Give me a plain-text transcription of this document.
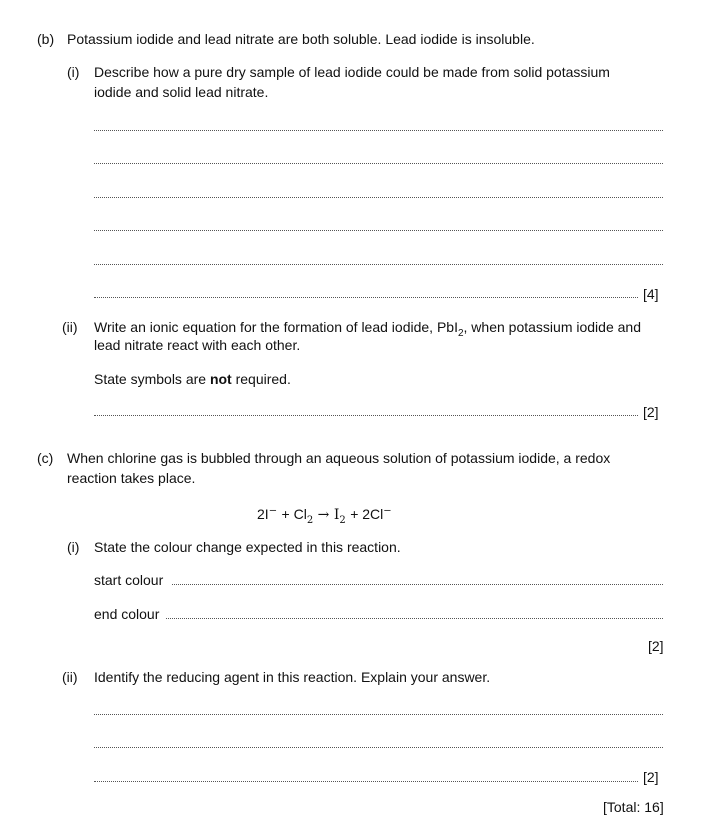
(b) Potassium iodide and lead nitrate are both soluble. Lead iodide is insoluble.
(i) Describe how a pure dry sample of lead iodide could be made from solid potassium
iodide and solid lead nitrate.
[4]
(ii) Write an ionic equation for the formation of lead iodide, PbI$_2$, when potassium iodide and
lead nitrate react with each other.
State symbols are not required.
[2]
(c) When chlorine gas is bubbled through an aqueous solution of potassium iodide, a redox
reaction takes place.
$2I^- + Cl_2 \to I_2 + 2Cl^-$
(i) State the colour change expected in this reaction.
start colour
end colour
[2]
(ii) Identify the reducing agent in this reaction. Explain your answer.
[2]
[Total: 16]
